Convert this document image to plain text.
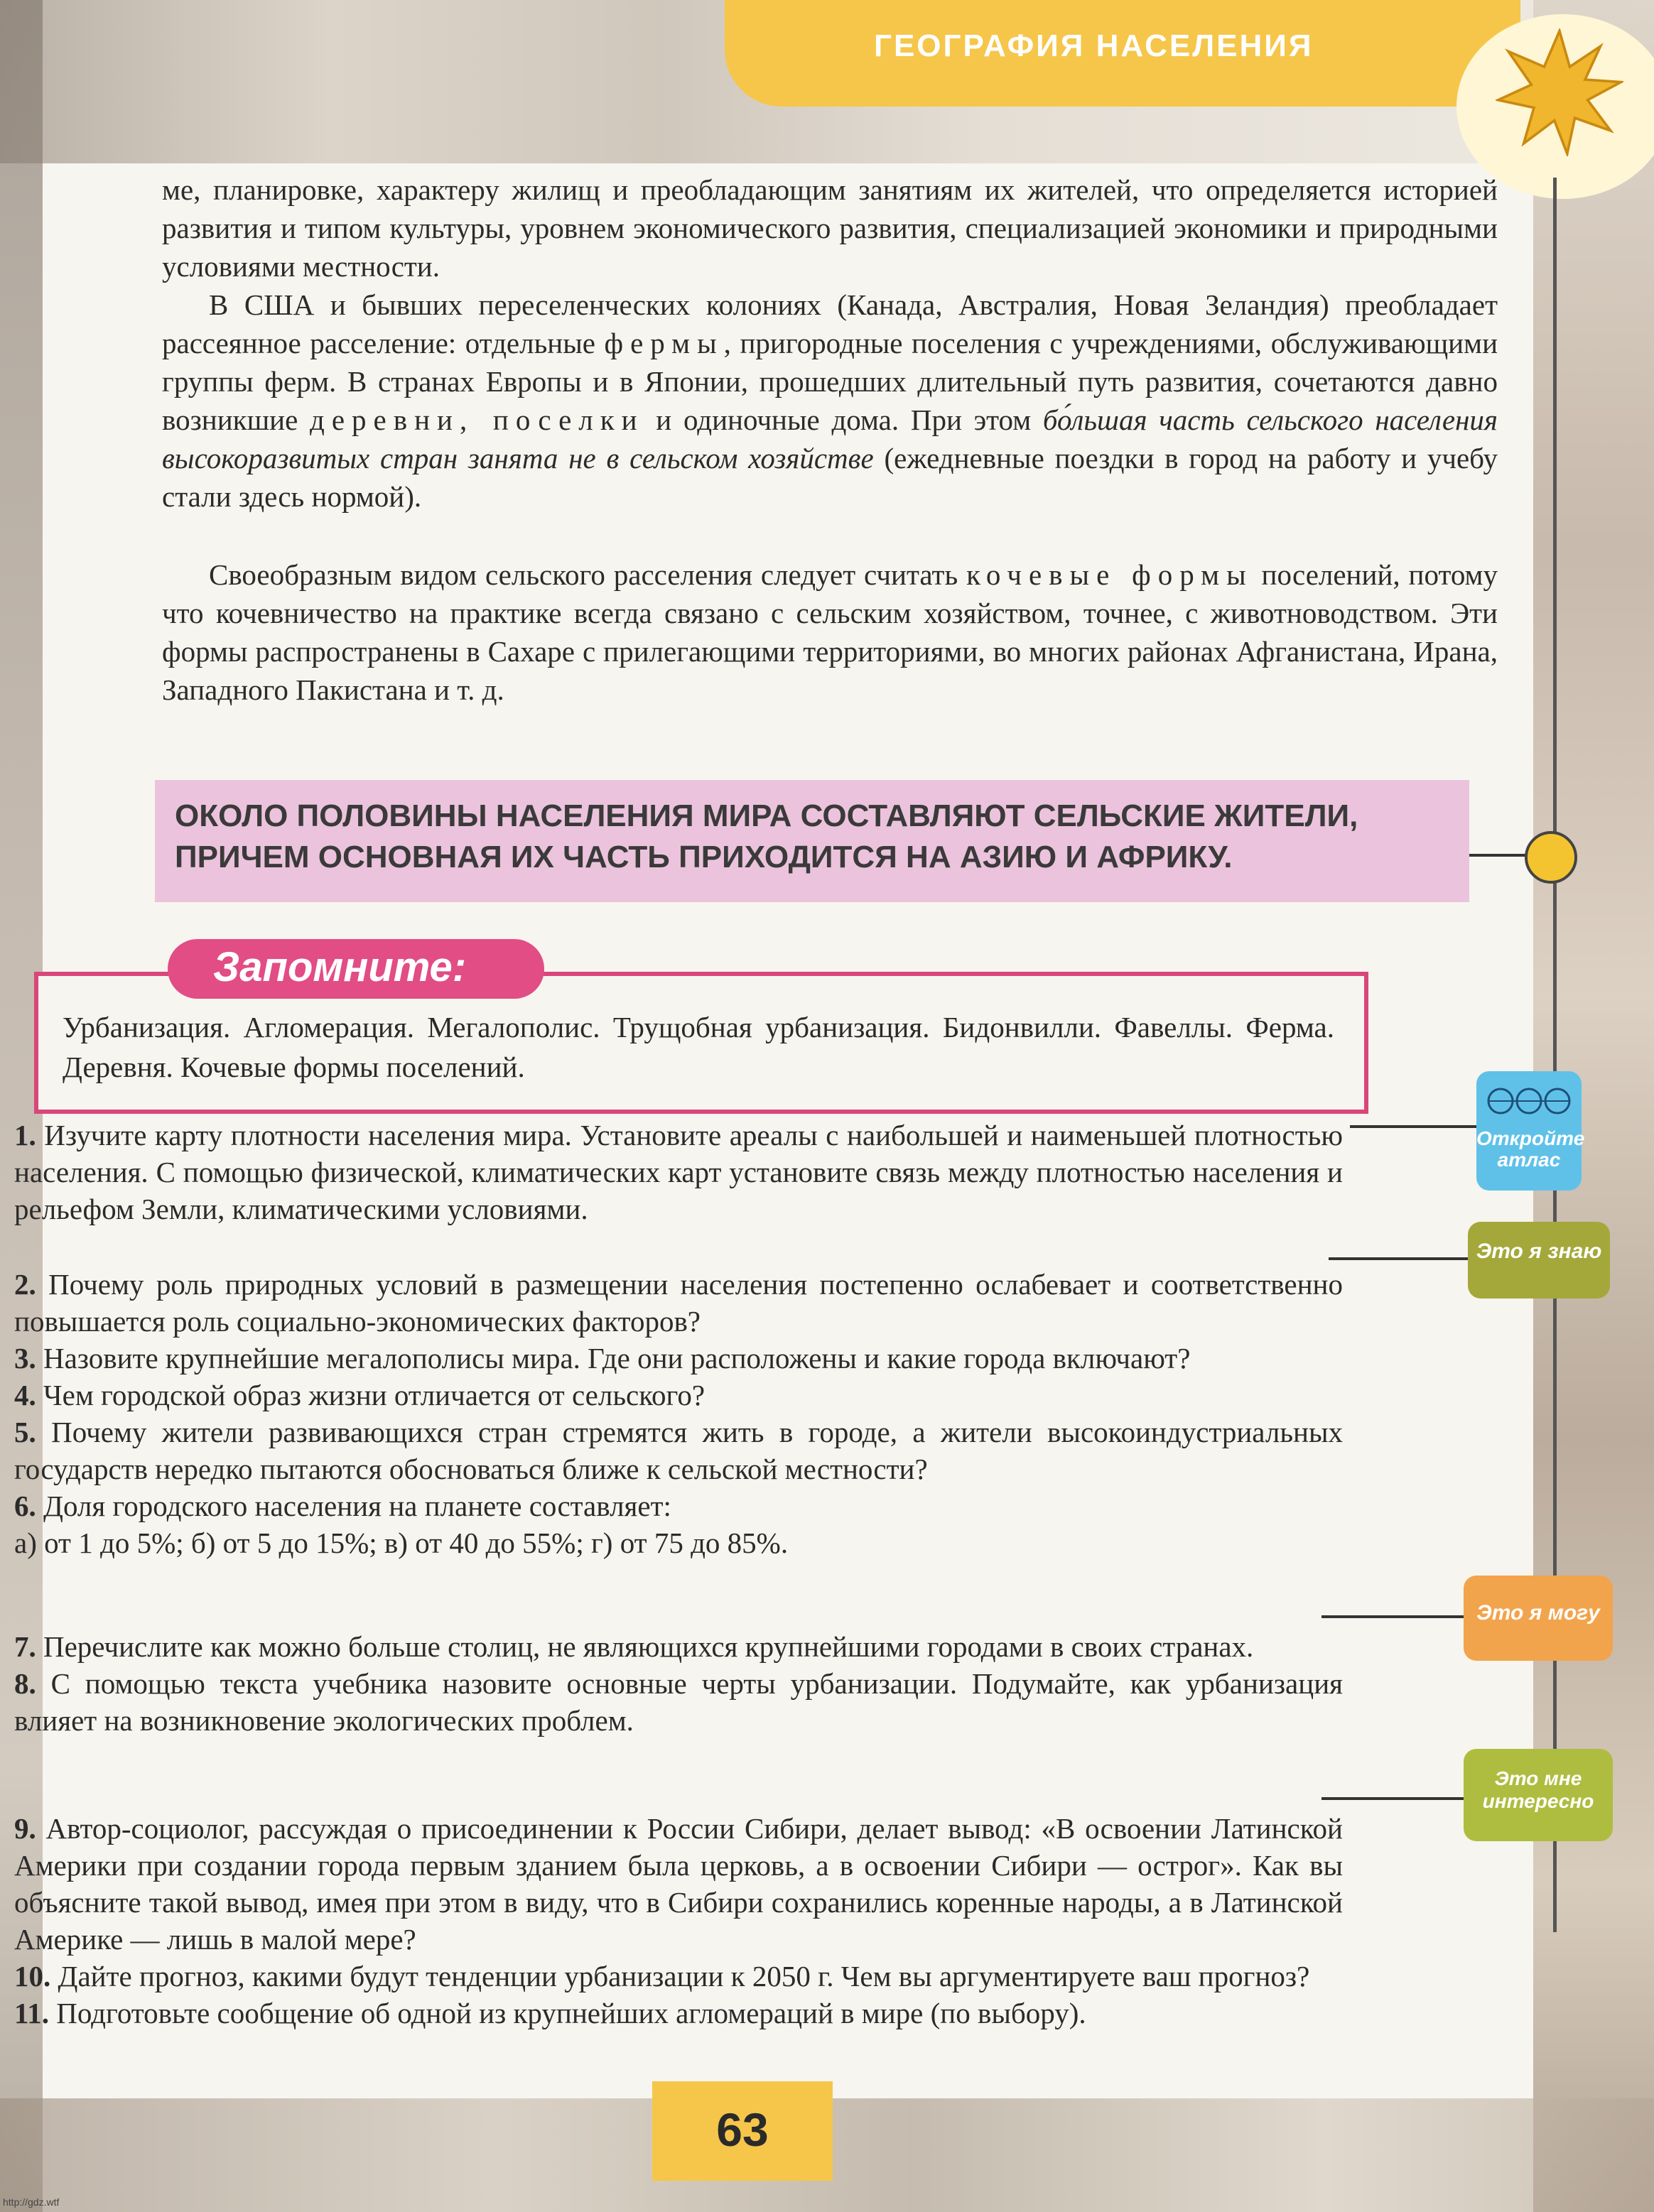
ГЕОГРАФИЯ НАСЕЛЕНИЯ
ме, планировке, характеру жилищ и преобладающим занятиям их жителей, что определяется историей развития и типом культуры, уровнем экономического развития, специализацией экономики и природными условиями местности.
В США и бывших переселенческих колониях (Канада, Австралия, Новая Зеландия) преобладает рассеянное расселение: отдельные фермы, пригородные поселения с учреждениями, обслуживающими группы ферм. В странах Европы и в Японии, прошедших длительный путь развития, сочетаются давно возникшие деревни, поселки и одиночные дома. При этом бо́льшая часть сельского населения высокоразвитых стран занята не в сельском хозяйстве (ежедневные поездки в город на работу и учебу стали здесь нормой).
Своеобразным видом сельского расселения следует считать кочевые формы поселений, потому что кочевничество на практике всегда связано с сельским хозяйством, точнее, с животноводством. Эти формы распространены в Сахаре с прилегающими территориями, во многих районах Афганистана, Ирана, Западного Пакистана и т. д.
ОКОЛО ПОЛОВИНЫ НАСЕЛЕНИЯ МИРА СОСТАВЛЯЮТ СЕЛЬСКИЕ ЖИТЕЛИ,
ПРИЧЕМ ОСНОВНАЯ ИХ ЧАСТЬ ПРИХОДИТСЯ НА АЗИЮ И АФРИКУ.
Запомните:
Урбанизация. Агломерация. Мегалополис. Трущобная урбанизация. Бидонвилли. Фавеллы. Ферма. Деревня. Кочевые формы поселений.
1. Изучите карту плотности населения мира. Установите ареалы с наибольшей и наименьшей плотностью населения. С помощью физической, климатических карт установите связь между плотностью населения и рельефом Земли, климатическими условиями.

2. Почему роль природных условий в размещении населения постепенно ослабевает и соответственно повышается роль социально-экономических факторов?

3. Назовите крупнейшие мегалополисы мира. Где они расположены и какие города включают?

4. Чем городской образ жизни отличается от сельского?

5. Почему жители развивающихся стран стремятся жить в городе, а жители высокоиндустриальных государств нередко пытаются обосноваться ближе к сельской местности?

6. Доля городского населения на планете составляет:

а) от 1 до 5%; б) от 5 до 15%; в) от 40 до 55%; г) от 75 до 85%.

7. Перечислите как можно больше столиц, не являющихся крупнейшими городами в своих странах.

8. С помощью текста учебника назовите основные черты урбанизации. Подумайте, как урбанизация влияет на возникновение экологических проблем.

9. Автор-социолог, рассуждая о присоединении к России Сибири, делает вывод: «В освоении Латинской Америки при создании города первым зданием была церковь, а в освоении Сибири — острог». Как вы объясните такой вывод, имея при этом в виду, что в Сибири сохранились коренные народы, а в Латинской Америке — лишь в малой мере?

10. Дайте прогноз, какими будут тенденции урбанизации к 2050 г. Чем вы аргументируете ваш прогноз?

11. Подготовьте сообщение об одной из крупнейших агломераций в мире (по выбору).

Откройте
атлас
Это я знаю
Это я могу
Это мне
интересно
63
http://gdz.wtf
